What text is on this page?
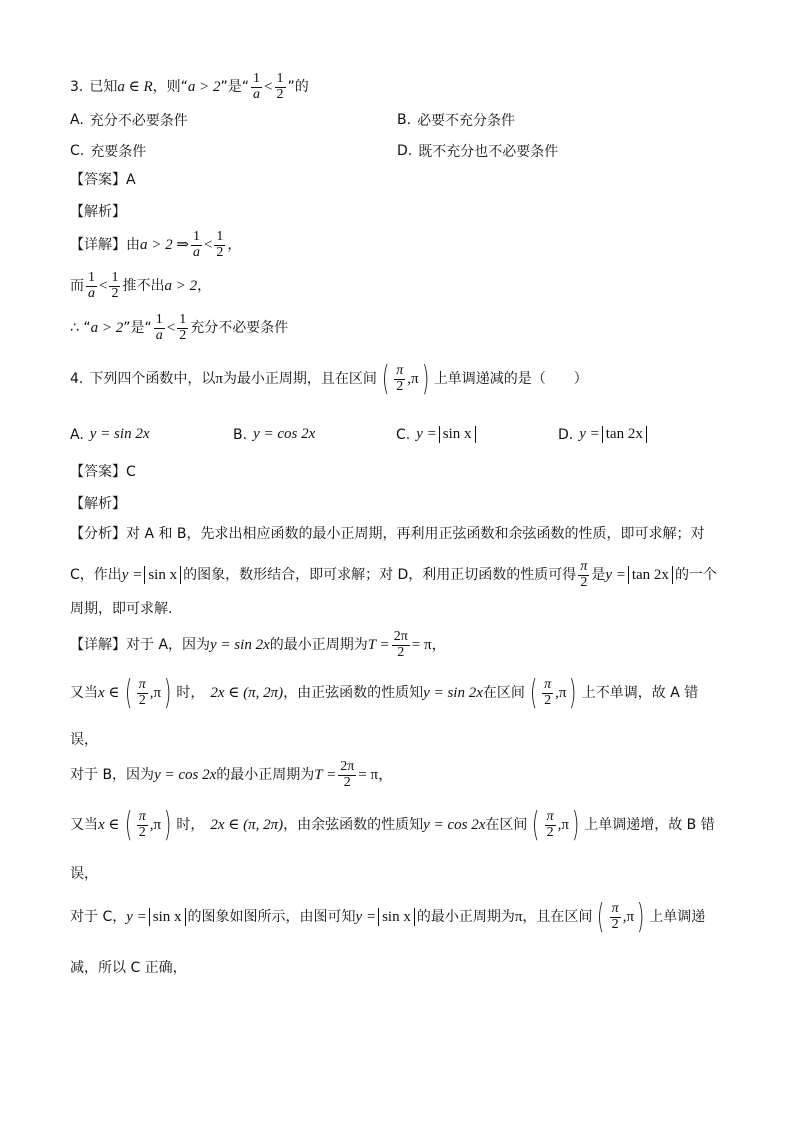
3. 已知 a ∈ R ，则“ a > 2 ”是“ $\frac{1}{a} < \frac{1}{2}$ ”的
A. 充分不必要条件	B. 必要不充分条件
C. 充要条件	D. 既不充分也不必要条件
【答案】 A
【解析】
【详解】 由 a > 2 ⇒ $\frac{1}{a} < \frac{1}{2}$ ，
而 $\frac{1}{a} < \frac{1}{2}$ 推不出 a > 2 ，
∴ “ a > 2 ”是“ $\frac{1}{a} < \frac{1}{2}$ 充分不必要条件
4. 下列四个函数中，以 π 为最小正周期，且在区间 ( $\frac{\pi}{2} ,\pi$ ) 上单调递减的是（　　）
A. y = sin 2x	B. y = cos 2x	C. y = sin x	D. y = tan 2x
【答案】 C
【解析】
【分析】 对 A 和 B，先求出相应函数的最小正周期，再利用正弦函数和余弦函数的性质，即可求解；对
C，作出 y = sin x 的图象，数形结合，即可求解；对 D，利用正切函数的性质可得 $\frac{\pi}{2}$ 是 y = tan 2x 的一个
周期，即可求解.
【详解】 对于 A，因为 y = sin 2x 的最小正周期为 $T = \frac{2\pi}{2} = \pi$，
又当 x ∈ ( $\frac{\pi}{2} ,\pi$ ) 时， 2x ∈ (π, 2π) ，由正弦函数的性质知 y = sin 2x 在区间 ( $\frac{\pi}{2} ,\pi$ ) 上不单调，故 A 错
误，
对于 B，因为 y = cos 2x 的最小正周期为 $T = \frac{2\pi}{2} = \pi$，
又当 x ∈ ( $\frac{\pi}{2} ,\pi$ ) 时， 2x ∈ (π, 2π) ，由余弦函数的性质知 y = cos 2x 在区间 ( $\frac{\pi}{2} ,\pi$ ) 上单调递增，故 B 错
误，
对于 C， y = sin x 的图象如图所示，由图可知 y = sin x 的最小正周期为 π ，且在区间 ( $\frac{\pi}{2} ,\pi$ ) 上单调递
减，所以 C 正确，
